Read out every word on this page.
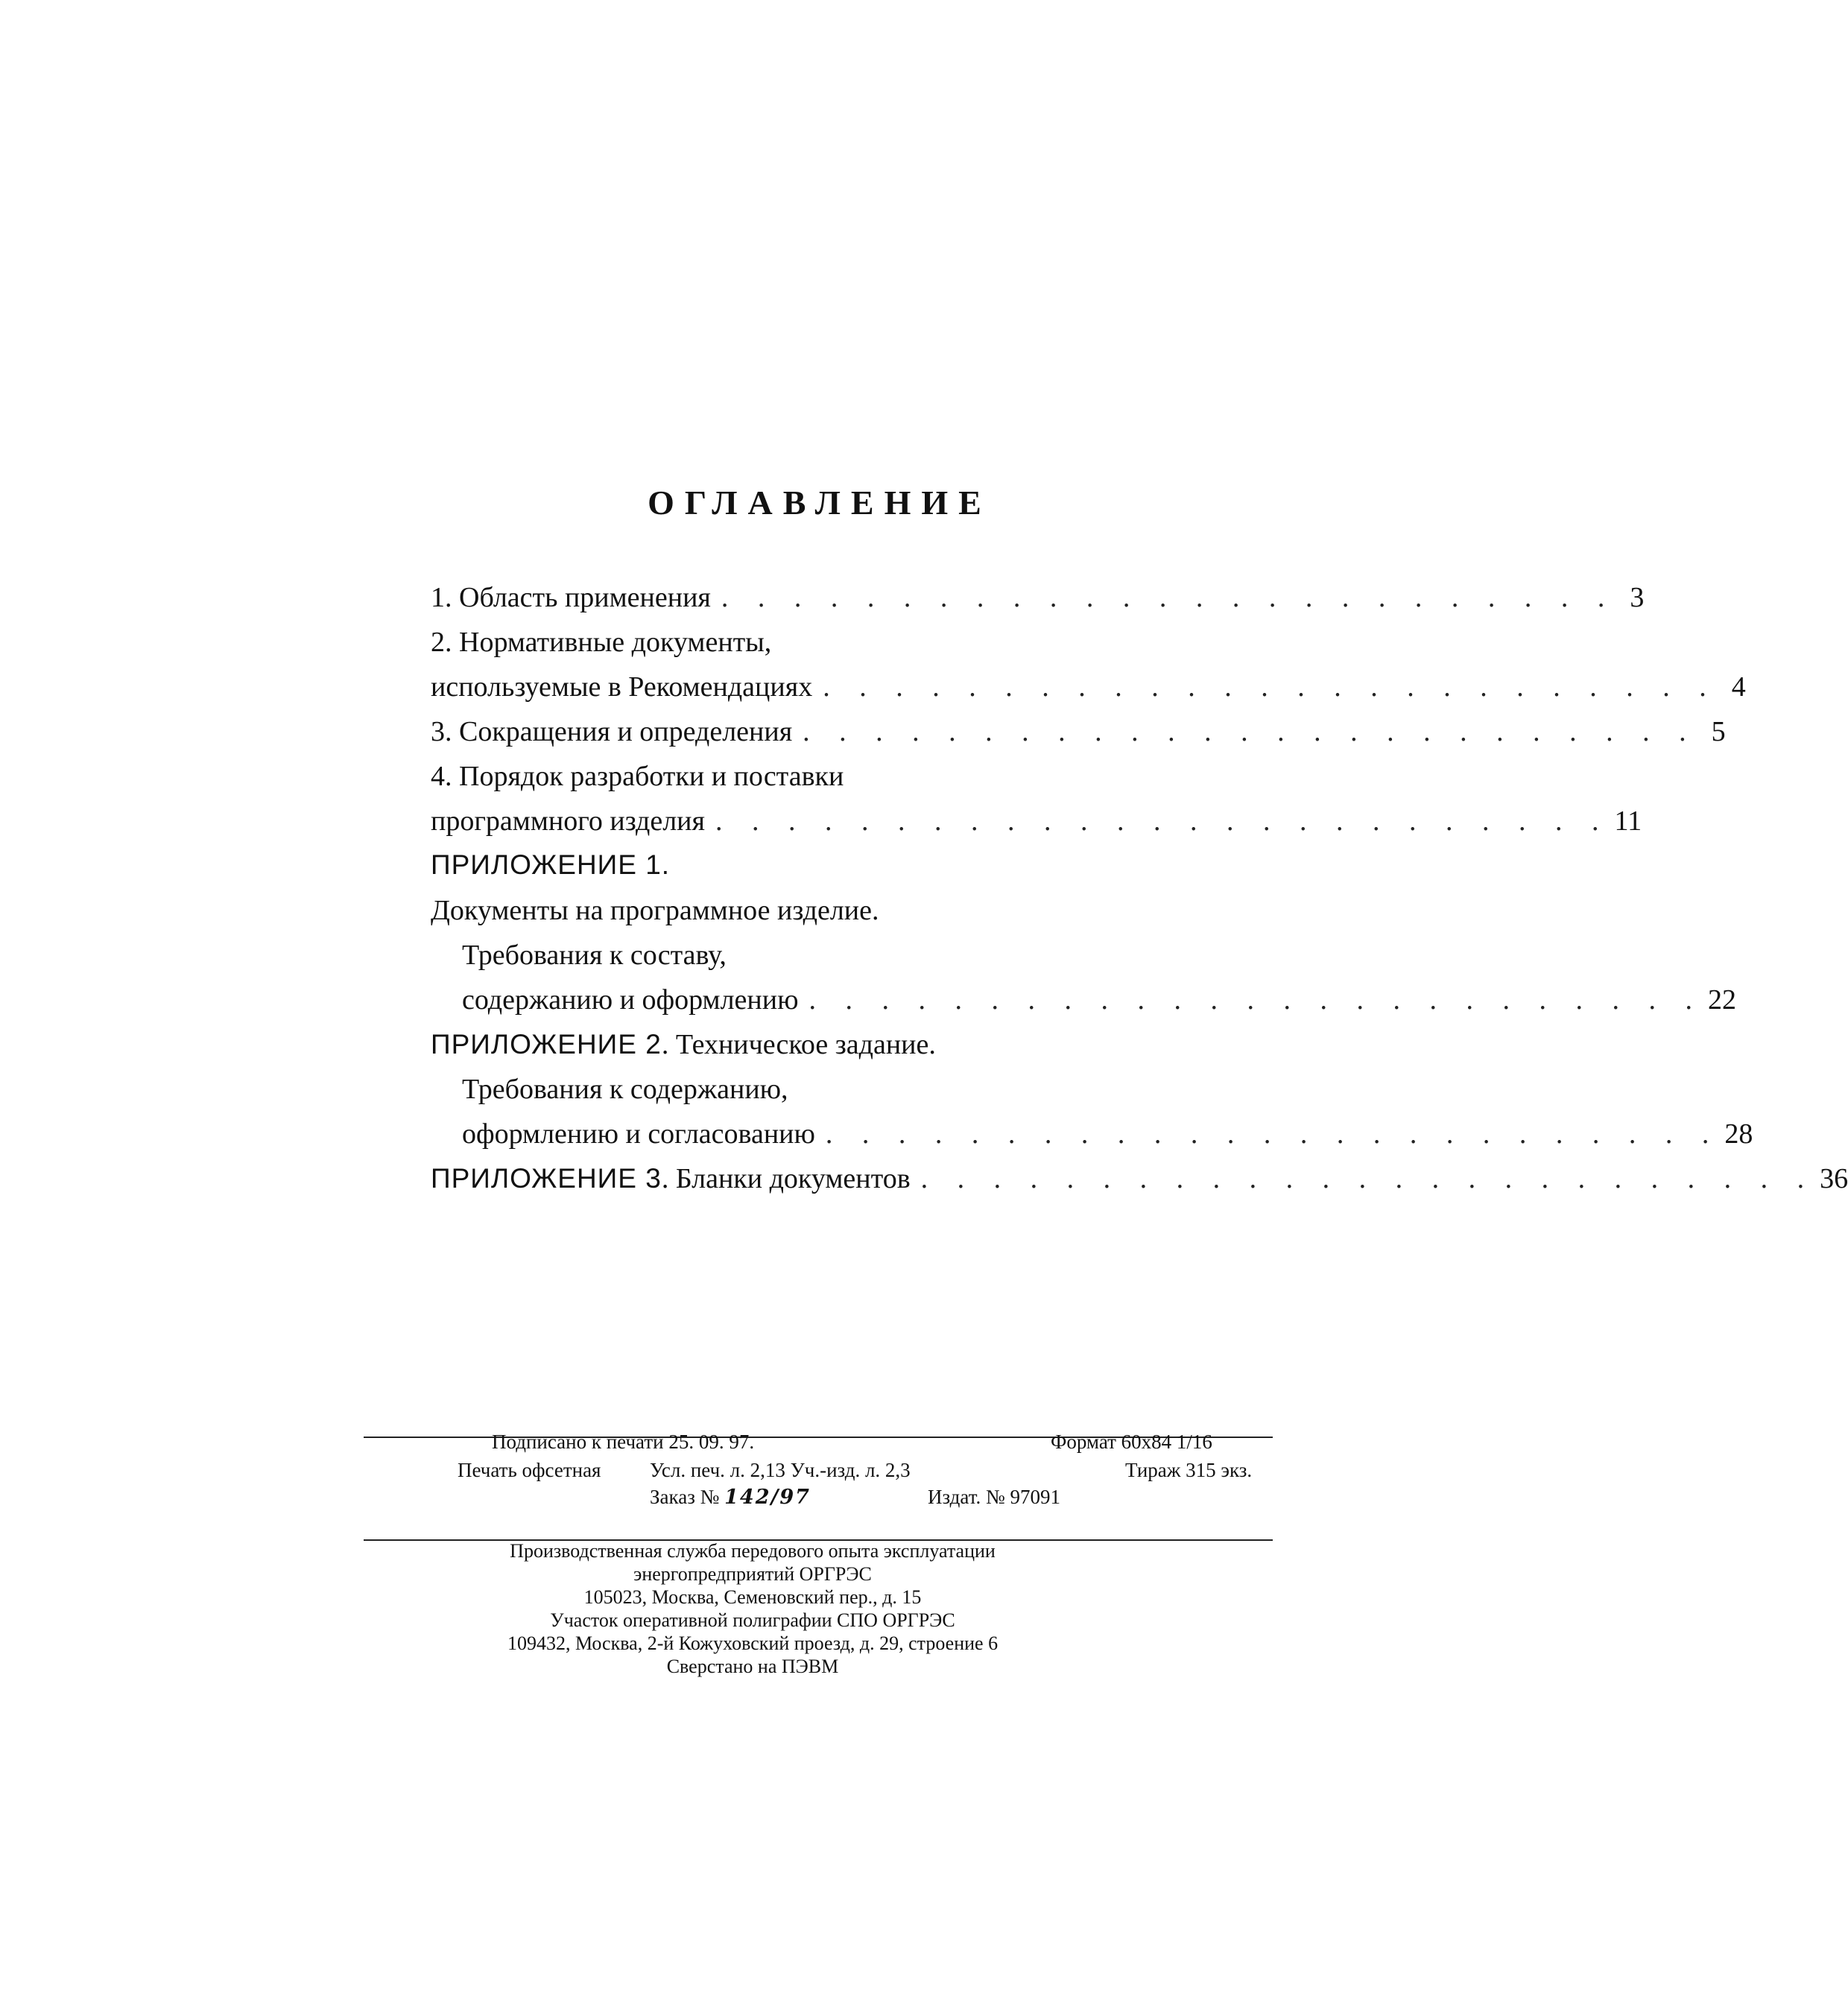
ОГЛАВЛЕНИЕ
1. Область применения . . . . . . . . . . . . . . . . . . . . . . . . . 3
2. Нормативные документы,
используемые в Рекомендациях . . . . . . . . . . . . . . . . . . . . . . . . . 4
3. Сокращения и определения . . . . . . . . . . . . . . . . . . . . . . . . . 5
4. Порядок разработки и поставки
программного изделия . . . . . . . . . . . . . . . . . . . . . . . . . 11
ПРИЛОЖЕНИЕ 1.
Документы на программное изделие.
Требования к составу,
содержанию и оформлению . . . . . . . . . . . . . . . . . . . . . . . . . 22
ПРИЛОЖЕНИЕ 2 . Техническое задание.
Требования к содержанию,
оформлению и согласованию . . . . . . . . . . . . . . . . . . . . . . . . . 28
ПРИЛОЖЕНИЕ 3 . Бланки документов . . . . . . . . . . . . . . . . . . . . . . . . . 36
Подписано к печати 25. 09. 97.	Формат 60x84 1/16
Печать офсетная Усл. печ. л. 2,13 Уч.-изд. л. 2,3	Тираж 315 экз.
Заказ № 142/97	Издат. № 97091
Производственная служба передового опыта эксплуатации
энергопредприятий ОРГРЭС
105023, Москва, Семеновский пер., д. 15
Участок оперативной полиграфии СПО ОРГРЭС
109432, Москва, 2-й Кожуховский проезд, д. 29, строение 6
Сверстано на ПЭВМ
